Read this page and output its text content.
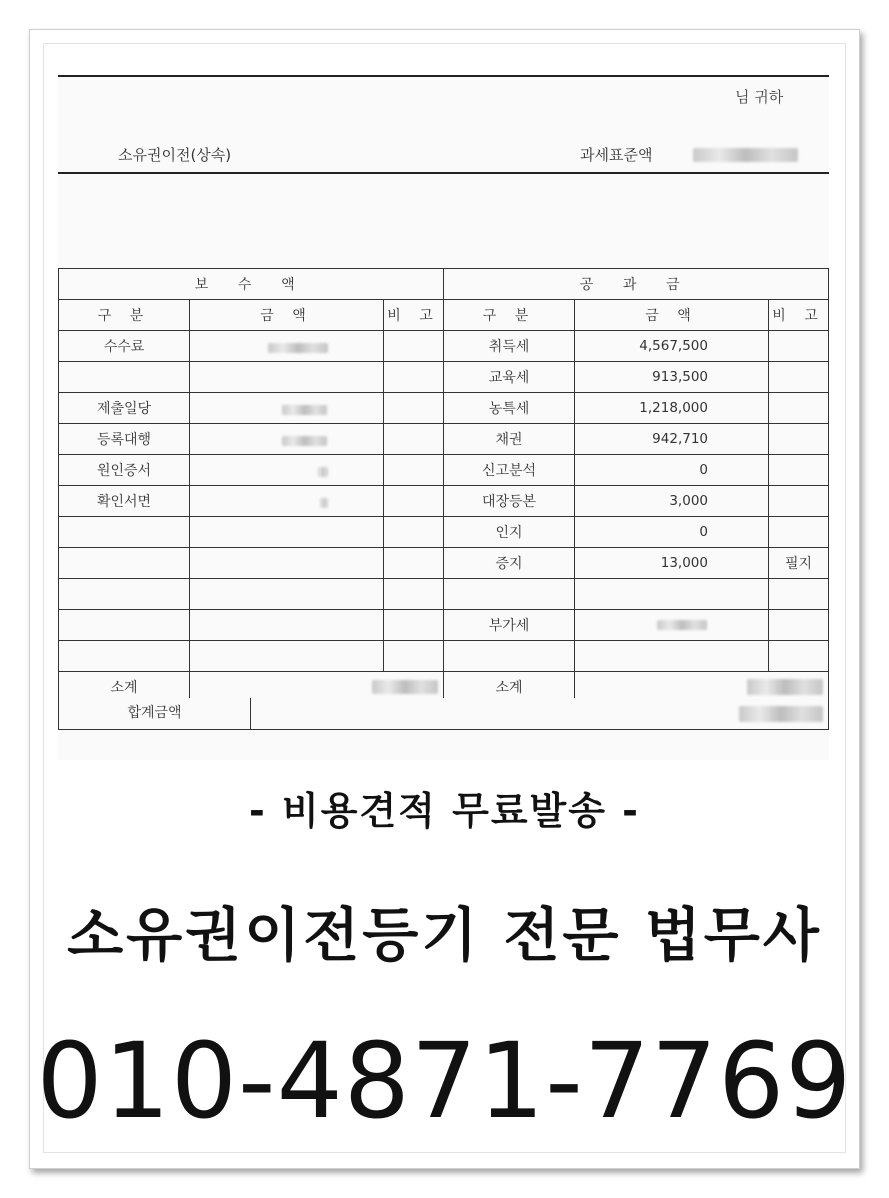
님 귀하
소유권이전(상속)	과세표준액
보 수 액			공 과 금		
구 분	금 액	비 고	구 분	금 액	비 고
수수료			취득세	4,567,500	
			교육세	913,500	
제출일당			농특세	1,218,000	
등록대행			채권	942,710	
원인증서			신고분석	0	
확인서면			대장등본	3,000	
			인지	0	
			증지	13,000	필지

			부가세	

소계			소계		
합계금액
- 비용견적 무료발송 -
소유권이전등기 전문 법무사
010-4871-7769
